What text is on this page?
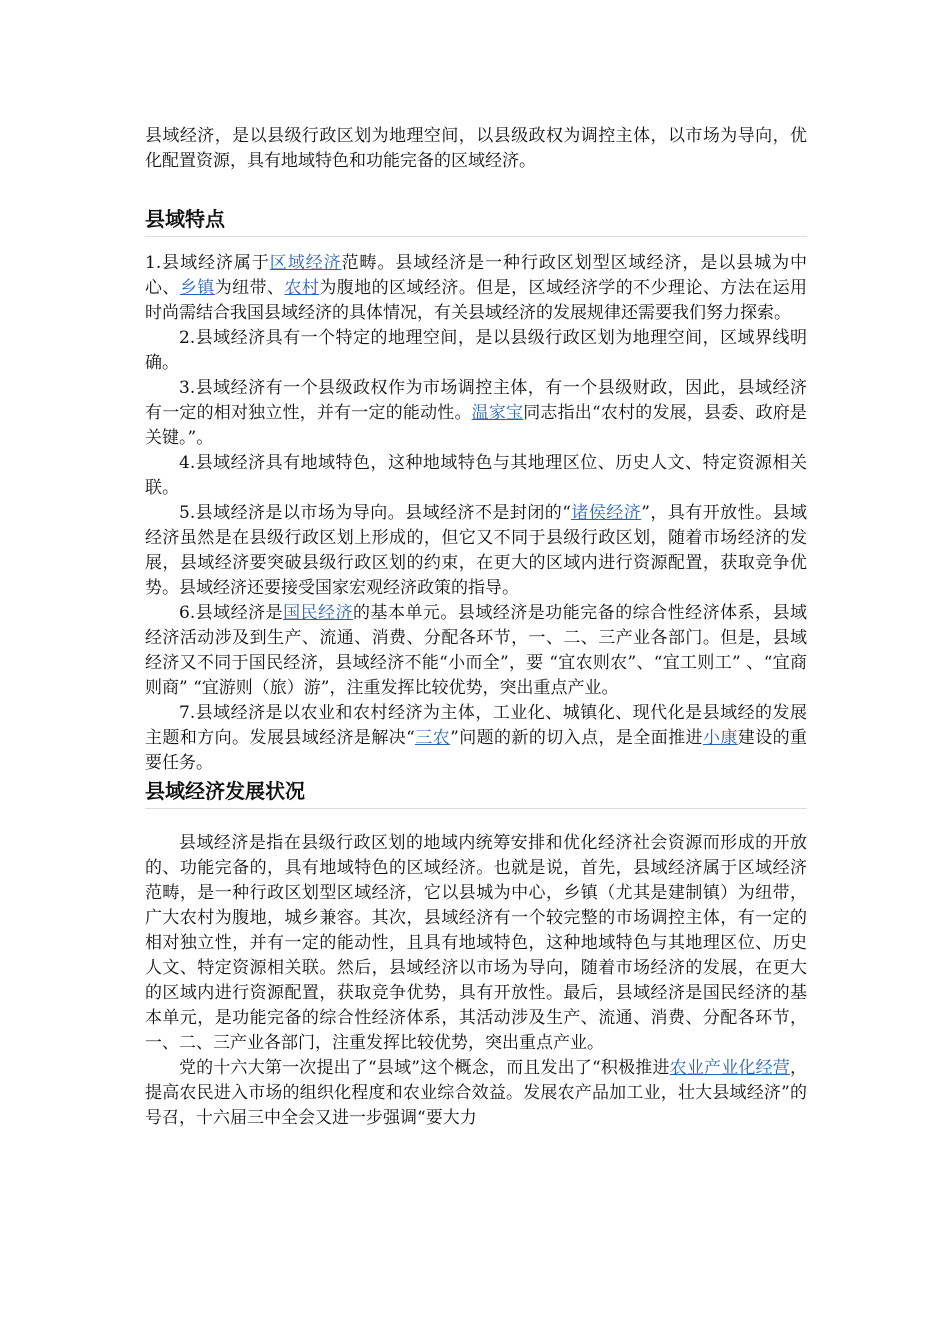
县域经济，是以县级行政区划为地理空间，以县级政权为调控主体，以市场为导向，优化配置资源，具有地域特色和功能完备的区域经济。

县域特点

1.县域经济属于区域经济范畴。县域经济是一种行政区划型区域经济，是以县城为中心、乡镇为纽带、农村为腹地的区域经济。但是，区域经济学的不少理论、方法在运用时尚需结合我国县域经济的具体情况，有关县域经济的发展规律还需要我们努力探索。

2.县域经济具有一个特定的地理空间，是以县级行政区划为地理空间，区域界线明确。

3.县域经济有一个县级政权作为市场调控主体，有一个县级财政，因此，县域经济有一定的相对独立性，并有一定的能动性。温家宝同志指出“农村的发展，县委、政府是关键。”。

4.县域经济具有地域特色，这种地域特色与其地理区位、历史人文、特定资源相关联。

5.县域经济是以市场为导向。县域经济不是封闭的“诸侯经济”，具有开放性。县域经济虽然是在县级行政区划上形成的，但它又不同于县级行政区划，随着市场经济的发展，县域经济要突破县级行政区划的约束，在更大的区域内进行资源配置，获取竞争优势。县域经济还要接受国家宏观经济政策的指导。

6.县域经济是国民经济的基本单元。县域经济是功能完备的综合性经济体系，县域经济活动涉及到生产、流通、消费、分配各环节，一、二、三产业各部门。但是，县域经济又不同于国民经济，县域经济不能“小而全”，要 “宜农则农”、“宜工则工” 、“宜商则商” “宜游则（旅）游”，注重发挥比较优势，突出重点产业。

7.县域经济是以农业和农村经济为主体，工业化、城镇化、现代化是县域经的发展主题和方向。发展县域经济是解决“三农”问题的新的切入点，是全面推进小康建设的重要任务。

县域经济发展状况

县域经济是指在县级行政区划的地域内统筹安排和优化经济社会资源而形成的开放的、功能完备的，具有地域特色的区域经济。也就是说，首先，县域经济属于区域经济范畴，是一种行政区划型区域经济，它以县城为中心，乡镇（尤其是建制镇）为纽带，广大农村为腹地，城乡兼容。其次，县域经济有一个较完整的市场调控主体，有一定的相对独立性，并有一定的能动性，且具有地域特色，这种地域特色与其地理区位、历史人文、特定资源相关联。然后，县域经济以市场为导向，随着市场经济的发展，在更大的区域内进行资源配置，获取竞争优势，具有开放性。最后，县域经济是国民经济的基本单元，是功能完备的综合性经济体系，其活动涉及生产、流通、消费、分配各环节，一、二、三产业各部门，注重发挥比较优势，突出重点产业。

党的十六大第一次提出了“县域”这个概念，而且发出了“积极推进农业产业化经营，提高农民进入市场的组织化程度和农业综合效益。发展农产品加工业，壮大县域经济”的号召，十六届三中全会又进一步强调“要大力
